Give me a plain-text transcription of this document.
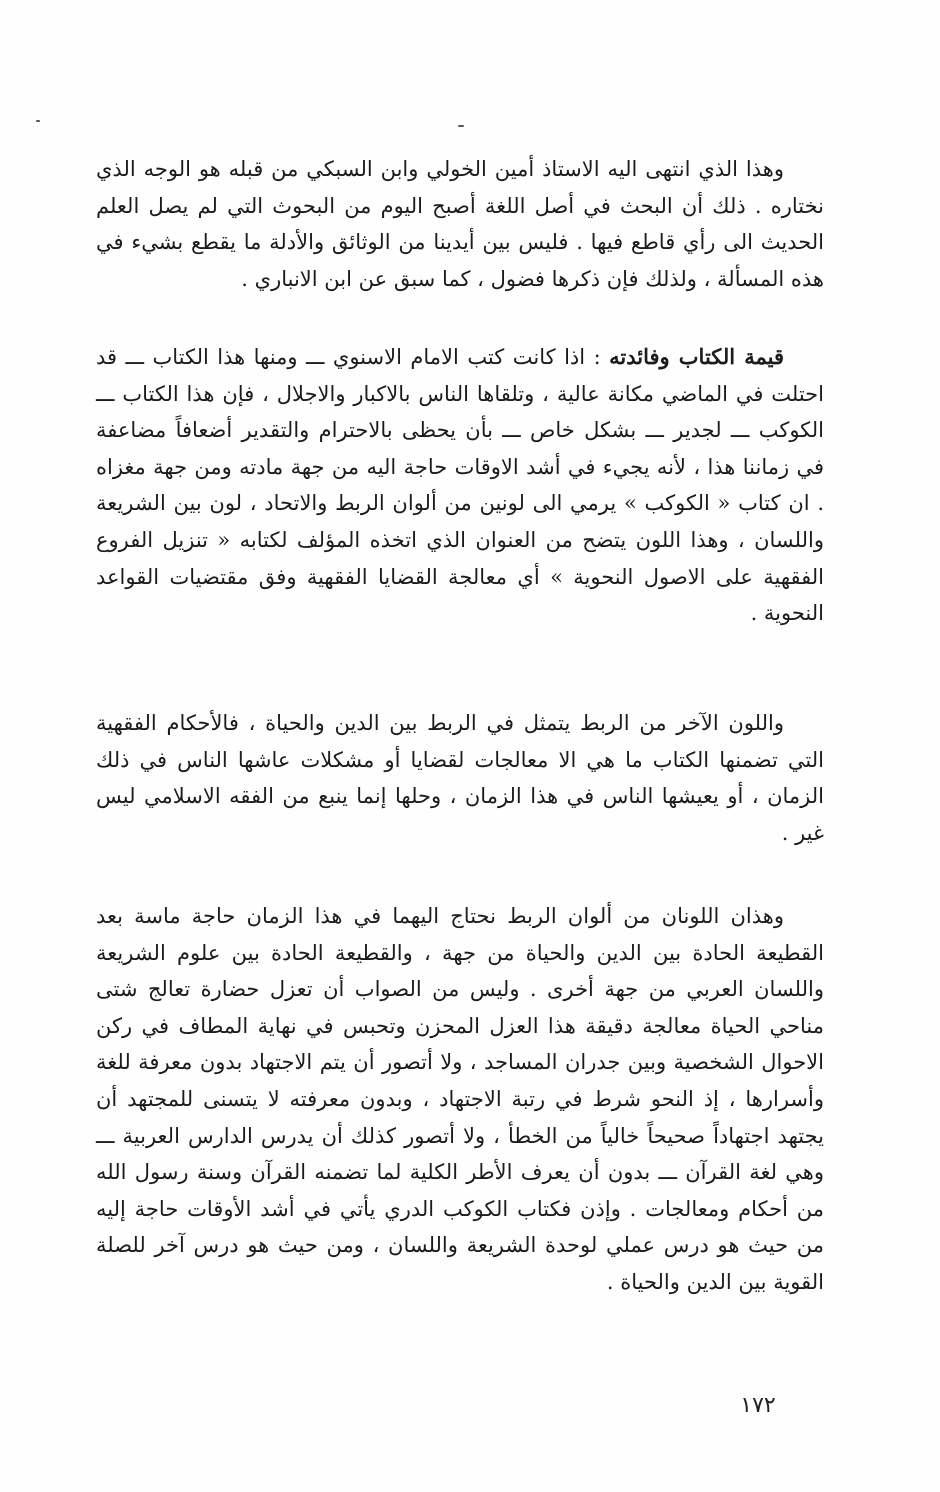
وهذا الذي انتهى اليه الاستاذ أمين الخولي وابن السبكي من قبله هو الوجه الذي نختاره . ذلك أن البحث في أصل اللغة أصبح اليوم من البحوث التي لم يصل العلم الحديث الى رأي قاطع فيها . فليس بين أيدينا من الوثائق والأدلة ما يقطع بشيء في هذه المسألة ، ولذلك فإن ذكرها فضول ، كما سبق عن ابن الانباري .

قيمة الكتاب وفائدته : اذا كانت كتب الامام الاسنوي ـــ ومنها هذا الكتاب ـــ قد احتلت في الماضي مكانة عالية ، وتلقاها الناس بالاكبار والاجلال ، فإن هذا الكتاب ـــ الكوكب ـــ لجدير ـــ بشكل خاص ـــ بأن يحظى بالاحترام والتقدير أضعافاً مضاعفة في زماننا هذا ، لأنه يجيء في أشد الاوقات حاجة اليه من جهة مادته ومن جهة مغزاه . ان كتاب « الكوكب » يرمي الى لونين من ألوان الربط والاتحاد ، لون بين الشريعة واللسان ، وهذا اللون يتضح من العنوان الذي اتخذه المؤلف لكتابه « تنزيل الفروع الفقهية على الاصول النحوية » أي معالجة القضايا الفقهية وفق مقتضيات القواعد النحوية .

واللون الآخر من الربط يتمثل في الربط بين الدين والحياة ، فالأحكام الفقهية التي تضمنها الكتاب ما هي الا معالجات لقضايا أو مشكلات عاشها الناس في ذلك الزمان ، أو يعيشها الناس في هذا الزمان ، وحلها إنما ينبع من الفقه الاسلامي ليس غير .

وهذان اللونان من ألوان الربط نحتاج اليهما في هذا الزمان حاجة ماسة بعد القطيعة الحادة بين الدين والحياة من جهة ، والقطيعة الحادة بين علوم الشريعة واللسان العربي من جهة أخرى . وليس من الصواب أن تعزل حضارة تعالج شتى مناحي الحياة معالجة دقيقة هذا العزل المحزن وتحبس في نهاية المطاف في ركن الاحوال الشخصية وبين جدران المساجد ، ولا أتصور أن يتم الاجتهاد بدون معرفة للغة وأسرارها ، إذ النحو شرط في رتبة الاجتهاد ، وبدون معرفته لا يتسنى للمجتهد أن يجتهد اجتهاداً صحيحاً خالياً من الخطأ ، ولا أتصور كذلك أن يدرس الدارس العربية ـــ وهي لغة القرآن ـــ بدون أن يعرف الأطر الكلية لما تضمنه القرآن وسنة رسول الله من أحكام ومعالجات . وإذن فكتاب الكوكب الدري يأتي في أشد الأوقات حاجة إليه من حيث هو درس عملي لوحدة الشريعة واللسان ، ومن حيث هو درس آخر للصلة القوية بين الدين والحياة .

١٧٢
